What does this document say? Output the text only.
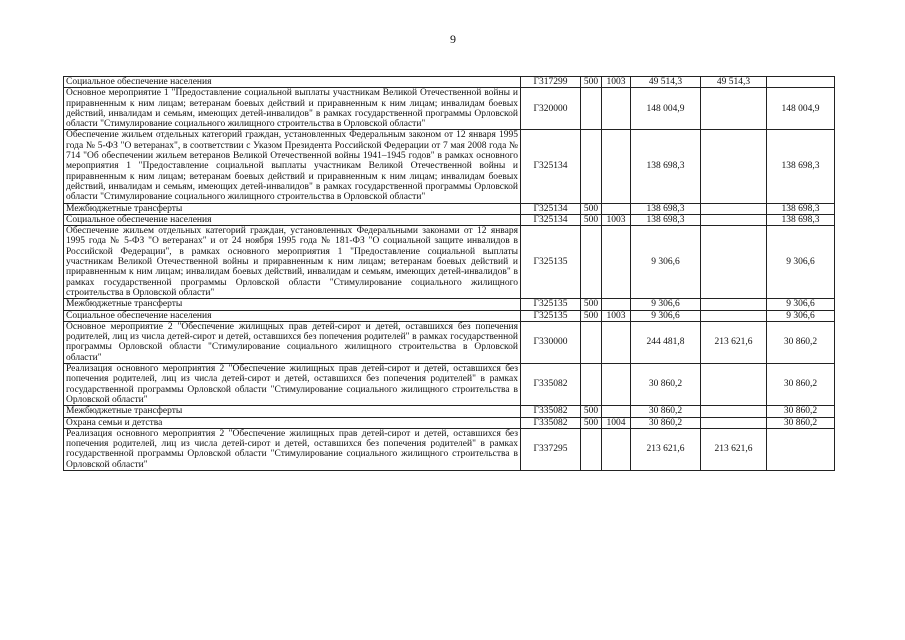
9
Социальное обеспечение населения	Г317299	500	1003	49 514,3	49 514,3	
Основное мероприятие 1 "Предоставление социальной выплаты участникам Великой Отечественной войны и приравненным к ним лицам; ветеранам боевых действий и приравненным к ним лицам; инвалидам боевых действий, инвалидам и семьям, имеющих детей-инвалидов" в рамках государственной программы Орловской области "Стимулирование социального жилищного строительства в Орловской области"	Г320000			148 004,9		148 004,9
Обеспечение жильем отдельных категорий граждан, установленных Федеральным законом от 12 января 1995 года № 5-ФЗ "О ветеранах", в соответствии с Указом Президента Российской Федерации от 7 мая 2008 года № 714 "Об обеспечении жильем ветеранов Великой Отечественной войны 1941–1945 годов" в рамках основного мероприятия 1 "Предоставление социальной выплаты участникам Великой Отечественной войны и приравненным к ним лицам; ветеранам боевых действий и приравненным к ним лицам; инвалидам боевых действий, инвалидам и семьям, имеющих детей-инвалидов" в рамках государственной программы Орловской области "Стимулирование социального жилищного строительства в Орловской области"	Г325134			138 698,3		138 698,3
Межбюджетные трансферты	Г325134	500		138 698,3		138 698,3
Социальное обеспечение населения	Г325134	500	1003	138 698,3		138 698,3
Обеспечение жильем отдельных категорий граждан, установленных Федеральными законами от 12 января 1995 года № 5-ФЗ "О ветеранах" и от 24 ноября 1995 года № 181-ФЗ "О социальной защите инвалидов в Российской Федерации", в рамках основного мероприятия 1 "Предоставление социальной выплаты участникам Великой Отечественной войны и приравненным к ним лицам; ветеранам боевых действий и приравненным к ним лицам; инвалидам боевых действий, инвалидам и семьям, имеющих детей-инвалидов" в рамках государственной программы Орловской области "Стимулирование социального жилищного строительства в Орловской области"	Г325135			9 306,6		9 306,6
Межбюджетные трансферты	Г325135	500		9 306,6		9 306,6
Социальное обеспечение населения	Г325135	500	1003	9 306,6		9 306,6
Основное мероприятие 2 "Обеспечение жилищных прав детей-сирот и детей, оставшихся без попечения родителей, лиц из числа детей-сирот и детей, оставшихся без попечения родителей" в рамках государственной программы Орловской области "Стимулирование социального жилищного строительства в Орловской области"	Г330000			244 481,8	213 621,6	30 860,2
Реализация основного мероприятия 2 "Обеспечение жилищных прав детей-сирот и детей, оставшихся без попечения родителей, лиц из числа детей-сирот и детей, оставшихся без попечения родителей" в рамках государственной программы Орловской области "Стимулирование социального жилищного строительства в Орловской области"	Г335082			30 860,2		30 860,2
Межбюджетные трансферты	Г335082	500		30 860,2		30 860,2
Охрана семьи и детства	Г335082	500	1004	30 860,2		30 860,2
Реализация основного мероприятия 2 "Обеспечение жилищных прав детей-сирот и детей, оставшихся без попечения родителей, лиц из числа детей-сирот и детей, оставшихся без попечения родителей" в рамках государственной программы Орловской области "Стимулирование социального жилищного строительства в Орловской области"	Г337295			213 621,6	213 621,6	
